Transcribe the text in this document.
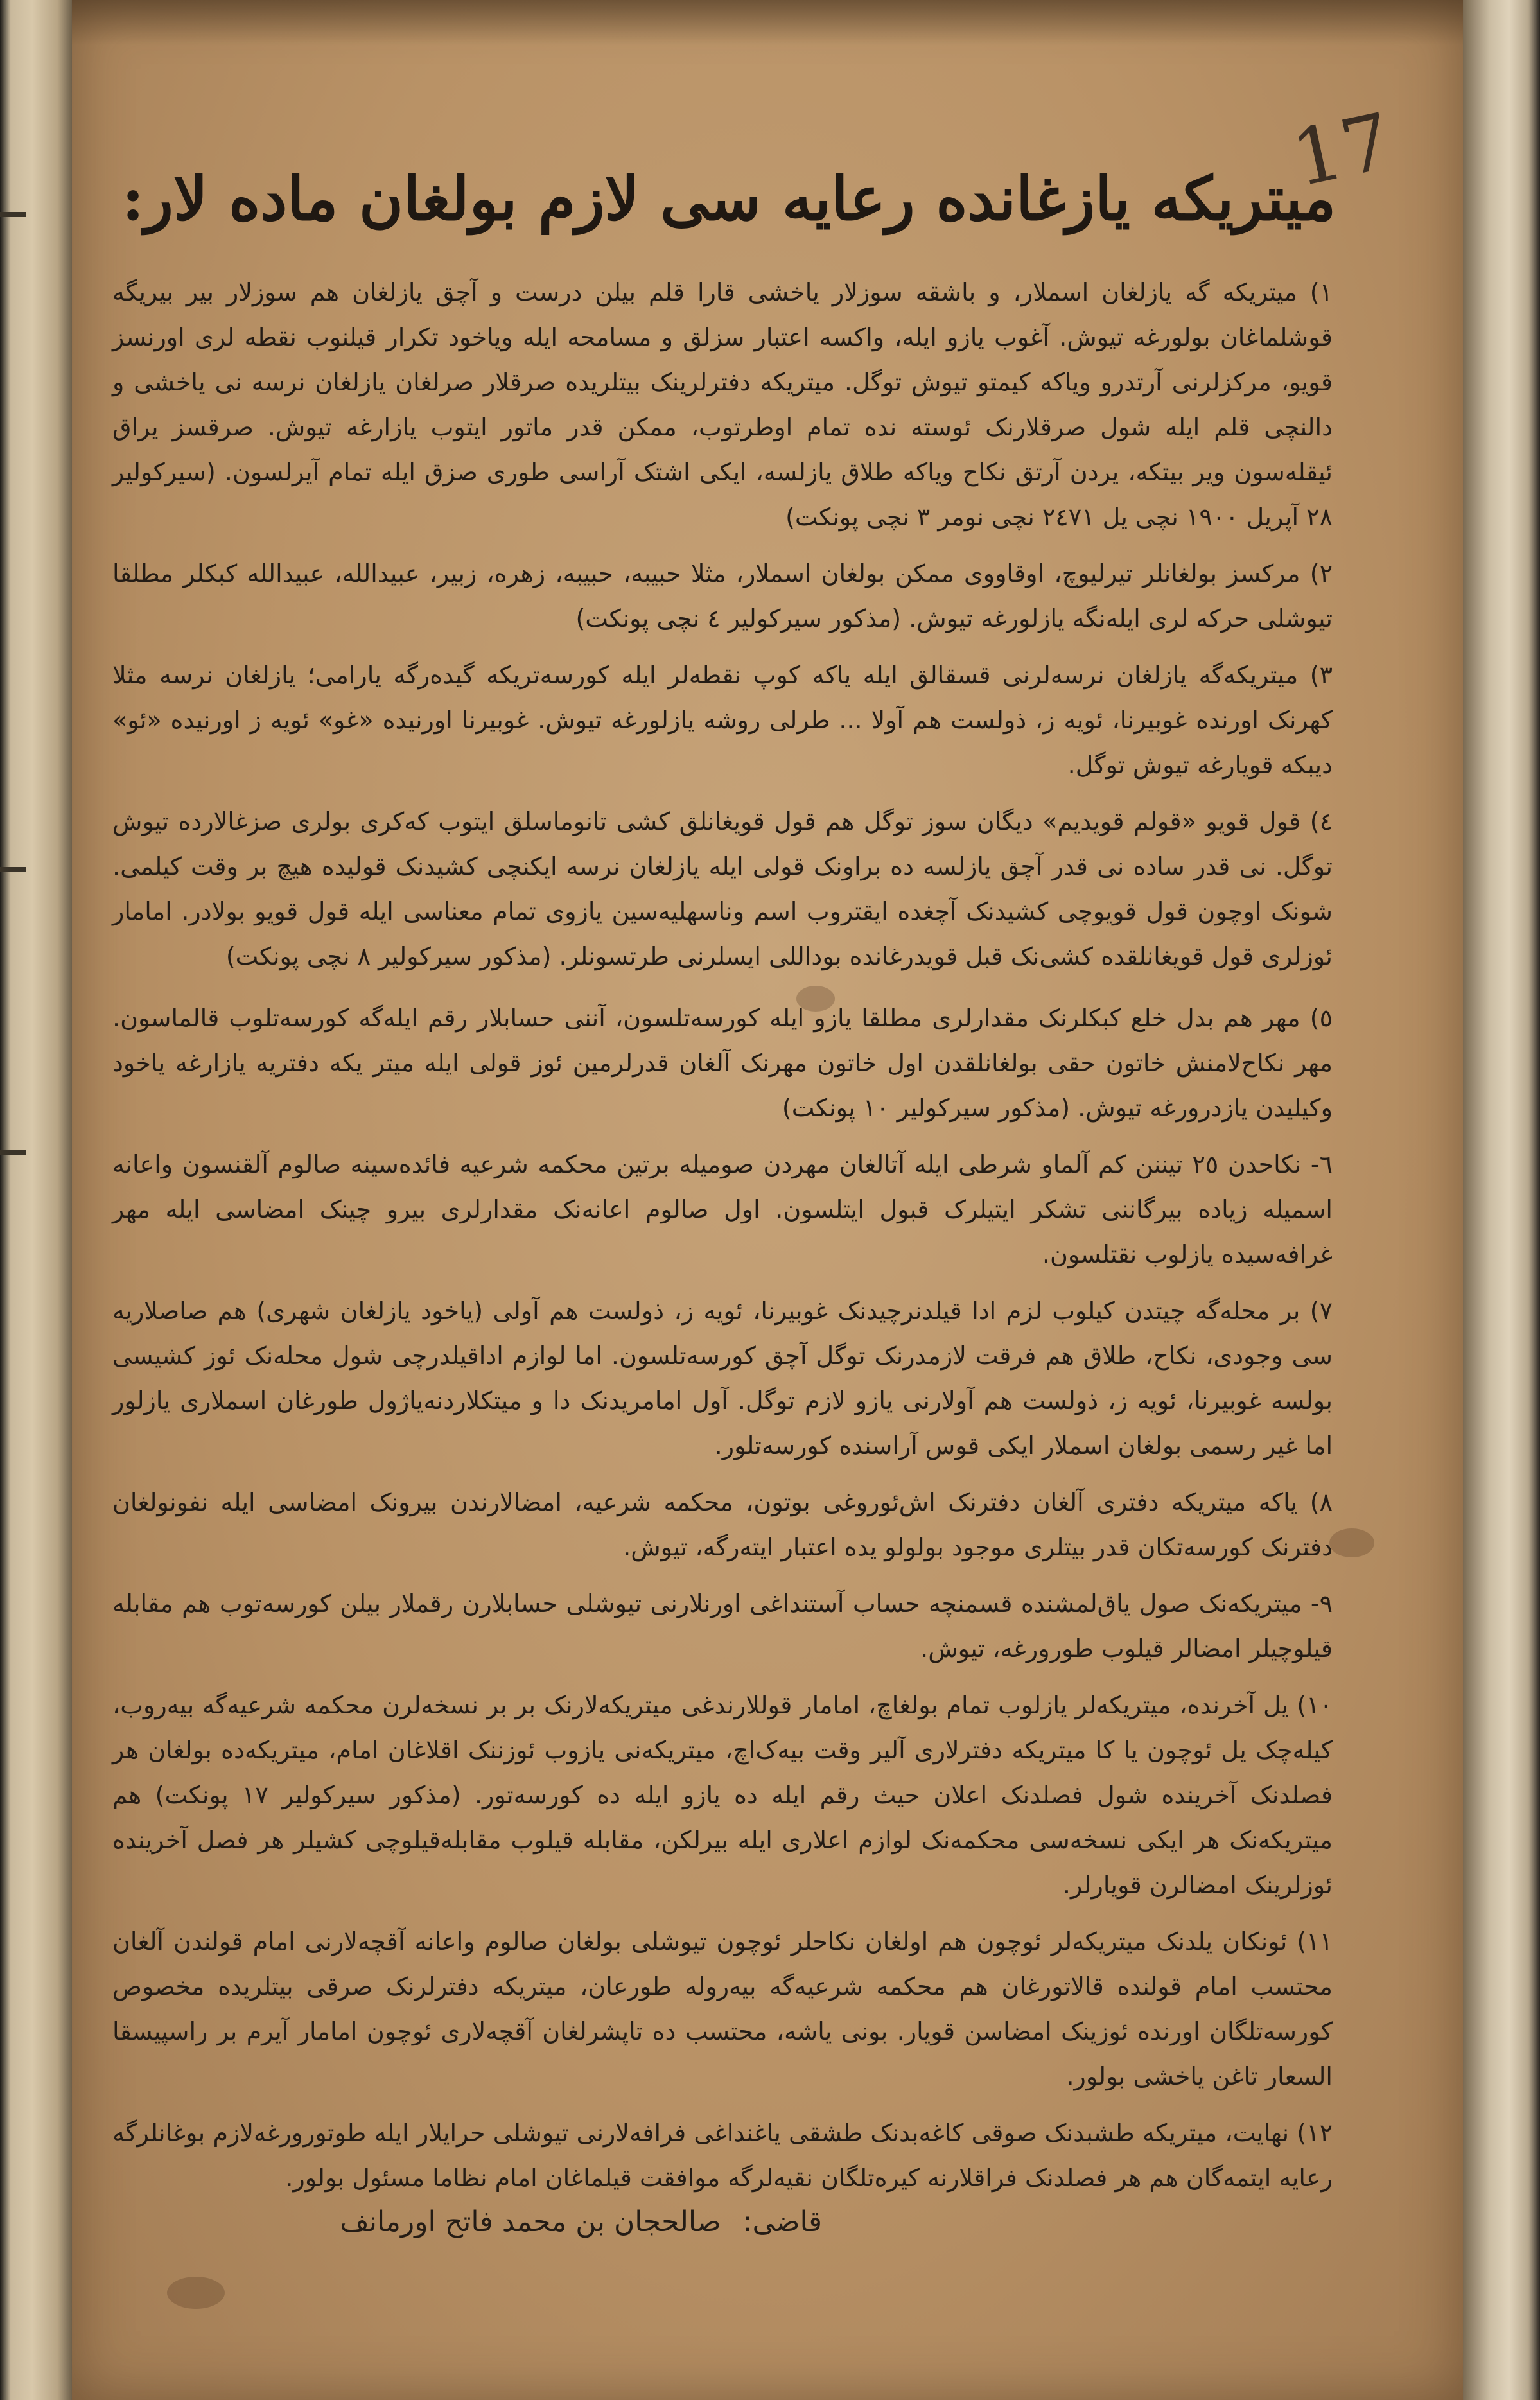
17
میتریکه یازغانده رعایه سی لازم بولغان ماده لار:

١) میتریکه گه یازلغان اسملار، و باشقه سوزلار یاخشی قارا قلم بیلن درست و آچق یازلغان هم سوزلار بیر بیریگه قوشلماغان بولورغه تیوش. آغوب یازو ایله، واکسه اعتبار سزلق و مسامحه ایله ویاخود تکرار قیلنوب نقطه لری اورنسز قویو، مرکزلرنی آرتدرو ویاکه کیمتو تیوش توگل. میتریکه دفترلرینک بیتلریده صرقلار صرلغان یازلغان نرسه نی یاخشی و دالنچی قلم ایله شول صرقلارنک ئوسته نده تمام اوطرتوب، ممکن قدر ماتور ایتوب یازارغه تیوش. صرقسز یراق ئیقله‌سون ویر بیتکه، یردن آرتق نکاح ویاکه طلاق یازلسه، ایکی اشتک آراسی طوری صزق ایله تمام آیرلسون. (سیرکولیر ٢٨ آپریل ١٩٠٠ نچی یل ٢٤٧١ نچی نومر ٣ نچی پونکت)

٢) مرکسز بولغانلر تیرلیوچ، اوقاووی ممکن بولغان اسملار، مثلا حبیبه، حبیبه، زهره، زبیر، عبیدالله، عبیدالله کبکلر مطلقا تیوشلی حرکه لری ایله‌نگه یازلورغه تیوش. (مذکور سیرکولیر ٤ نچی پونکت)

٣) میتریکه‌گه یازلغان نرسه‌لرنی قسقالق ایله یاکه کوپ نقطه‌لر ایله کورسه‌تریکه گیده‌رگه یارامی؛ یازلغان نرسه مثلا کهرنک اورنده غوبیرنا، ئویه ز، ذولست هم آولا ... طرلی روشه یازلورغه تیوش. غوبیرنا اورنیده «غو» ئویه ز اورنیده «ئو» دیبکه قویارغه تیوش توگل.

٤) قول قویو «قولم قویدیم» دیگان سوز توگل هم قول قویغانلق کشی تانوماسلق ایتوب که‌کری بولری صزغالارده تیوش توگل. نی قدر ساده نی قدر آچق یازلسه ده براونک قولی ایله یازلغان نرسه ایکنچی کشیدنک قولیده هیچ بر وقت کیلمی. شونک اوچون قول قویوچی کشیدنک آچغده ایقتروب اسم وناسهلیه‌سین یازوی تمام معناسی ایله قول قویو بولادر. امامار ئوزلری قول قویغانلقده کشی‌نک قبل قویدرغانده بوداللی ایسلرنی طرتسونلر. (مذکور سیرکولیر ٨ نچی پونکت)

٥) مهر هم بدل خلع کبکلرنک مقدارلری مطلقا یازو ایله کورسه‌تلسون، آننی حسابلار رقم ایله‌گه کورسه‌تلوب قالماسون. مهر نکاح‌لامنش خاتون حقی بولغانلقدن اول خاتون مهرنک آلغان قدرلرمین ئوز قولی ایله میتر یکه دفتریه یازارغه یاخود وکیلیدن یازدرورغه تیوش. (مذکور سیرکولیر ١٠ پونکت)

٦- نکاحدن ٢٥ تیننن کم آلماو شرطی ایله آتالغان مهردن صومیله برتین محکمه شرعیه فائده‌سینه صالوم آلقنسون واعانه اسمیله زیاده بیرگاننی تشکر ایتیلرک قبول ایتلسون. اول صالوم اعانه‌نک مقدارلری بیرو چینک امضاسی ایله مهر غرافه‌سیده یازلوب نقتلسون.

٧) بر محله‌گه چیتدن کیلوب لزم ادا قیلدنرچیدنک غوبیرنا، ئویه ز، ذولست هم آولی (یاخود یازلغان شهری) هم صاصلاریه سی وجودی، نکاح، طلاق هم فرقت لازمدرنک توگل آچق کورسه‌تلسون. اما لوازم اداقیلدرچی شول محله‌نک ئوز کشیسی بولسه غوبیرنا، ئویه ز، ذولست هم آولارنی یازو لازم توگل. آول امامریدنک دا و میتکلاردنه‌یاژول طورغان اسملاری یازلور اما غیر رسمی بولغان اسملار ایکی قوس آراسنده کورسه‌تلور.

٨) یاکه میتریکه دفتری آلغان دفترنک اش‌ئوروغی بوتون، محکمه شرعیه، امضالارندن بیرونک امضاسی ایله نفونولغان دفترنک کورسه‌تکان قدر بیتلری موجود بولولو یده اعتبار ایته‌رگه، تیوش.

٩- میتریکه‌نک صول یاق‌لمشنده قسمنچه حساب آستنداغی اورنلارنی تیوشلی حسابلارن رقملار بیلن کورسه‌توب هم مقابله قیلوچیلر امضالر قیلوب طورورغه، تیوش.

١٠) یل آخرنده، میتریکه‌لر یازلوب تمام بولغاچ، امامار قوللارندغی میتریکه‌لارنک بر بر نسخه‌لرن محکمه شرعیه‌گه بیه‌روب، کیله‌چک یل ئوچون یا کا میتریکه دفترلاری آلیر وقت بیه‌ک‌اچ، میتریکه‌نی یازوب ئوزننک اقلاغان امام، میتریکه‌ده بولغان هر فصلدنک آخرینده شول فصلدنک اعلان حیث رقم ایله ده یازو ایله ده کورسه‌تور. (مذکور سیرکولیر ١٧ پونکت) هم میتریکه‌نک هر ایکی نسخه‌سی محکمه‌نک لوازم اعلاری ایله بیرلکن، مقابله قیلوب مقابله‌قیلوچی کشیلر هر فصل آخرینده ئوزلرینک امضالرن قویارلر.

١١) ئونکان یلدنک میتریکه‌لر ئوچون هم اولغان نکاحلر ئوچون تیوشلی بولغان صالوم واعانه آقچه‌لارنی امام قولندن آلغان محتسب امام قولنده قالاتورغان هم محکمه شرعیه‌گه بیه‌روله طورعان، میتریکه دفترلرنک صرقی بیتلریده مخصوص کورسه‌تلگان اورنده ئوزینک امضاسن قویار. بونی یاشه، محتسب ده تاپشرلغان آقچه‌لاری ئوچون امامار آیرم بر راسپیسقا السعار تاغن یاخشی بولور.

١٢) نهایت، میتریکه طشبدنک صوقی کاغه‌بدنک طشقی یاغنداغی فرافه‌لارنی تیوشلی حرایلار ایله طوتورورغه‌لازم بوغانلرگه رعایه ایتمه‌گان هم هر فصلدنک فراقلارنه کیره‌تلگان نقیه‌لرگه موافقت قیلماغان امام نظاما مسئول بولور.

قاضی: صالحجان بن محمد فاتح اورمانف
